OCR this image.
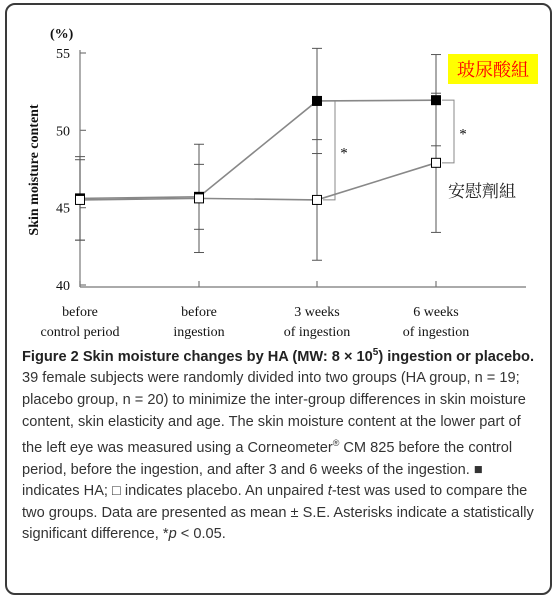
(%)
Skin moisture content
40
45
50
55
before
control period
before
ingestion
3 weeks
of ingestion
6 weeks
of ingestion
*
*
玻尿酸組
安慰劑組
Figure 2 Skin moisture changes by HA (MW: $8 \times 10^5$) ingestion or placebo. 39 female subjects were randomly divided into two groups (HA group, n = 19; placebo group, n = 20) to minimize the inter-group differences in skin moisture content, skin elasticity and age. The skin moisture content at the lower part of the left eye was measured using a Corneometer® CM 825 before the control period, before the ingestion, and after 3 and 6 weeks of the ingestion. ■ indicates HA; □ indicates placebo. An unpaired t-test was used to compare the two groups. Data are presented as mean ± S.E. Asterisks indicate a statistically significant difference, *p < 0.05.
